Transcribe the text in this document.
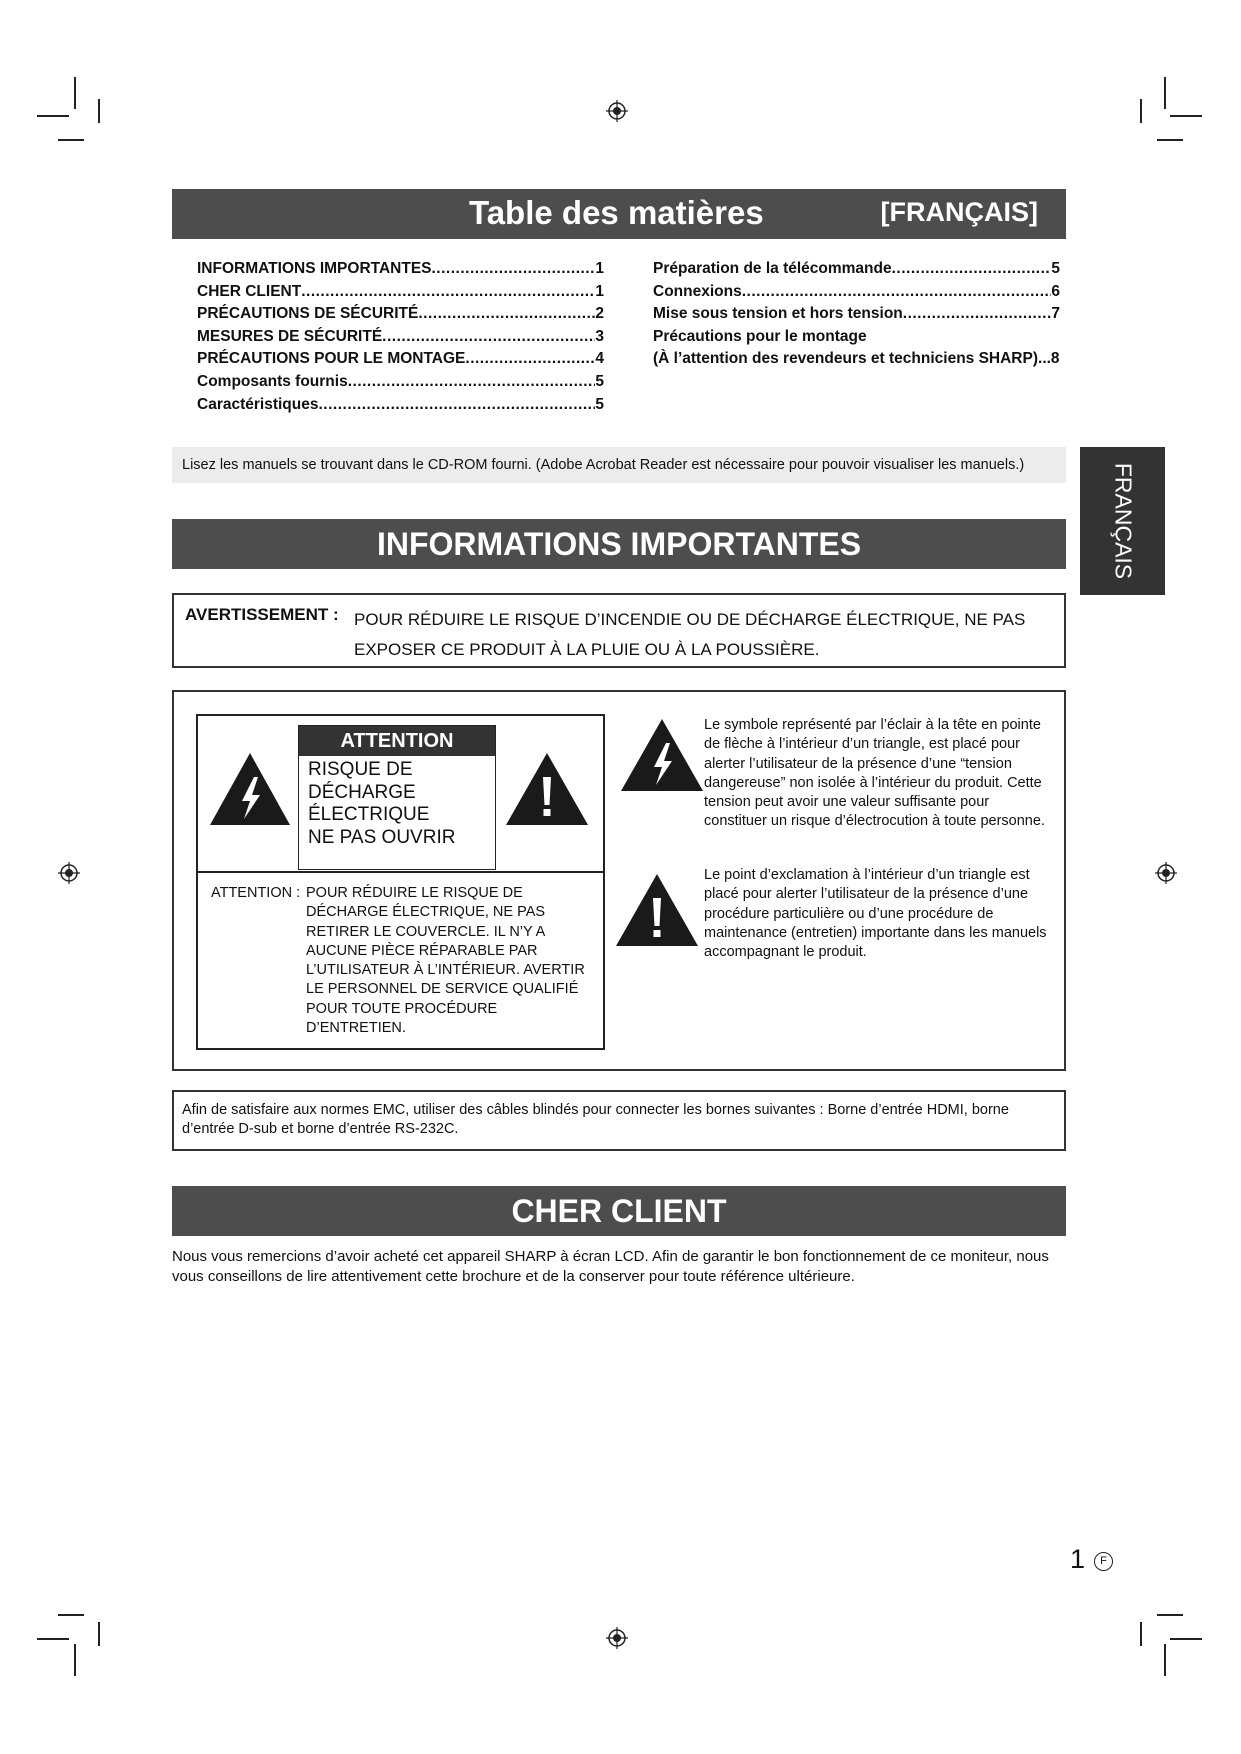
Table des matières	[FRANÇAIS]
INFORMATIONS IMPORTANTES .....	1
CHER CLIENT .....	1
PRÉCAUTIONS DE SÉCURITÉ .....	2
MESURES DE SÉCURITÉ .....	3
PRÉCAUTIONS POUR LE MONTAGE .....	4
Composants fournis .....	5
Caractéristiques .....	5
Préparation de la télécommande .....	5
Connexions .....	6
Mise sous tension et hors tension .....	7
Précautions pour le montage
(À l’attention des revendeurs et techniciens SHARP) ...8
Lisez les manuels se trouvant dans le CD-ROM fourni. (Adobe Acrobat Reader est nécessaire pour pouvoir visualiser les manuels.)	FRANÇAIS
INFORMATIONS IMPORTANTES
AVERTISSEMENT : POUR RÉDUIRE LE RISQUE D’INCENDIE OU DE DÉCHARGE ÉLECTRIQUE, NE PAS EXPOSER CE PRODUIT À LA PLUIE OU À LA POUSSIÈRE.
ATTENTION
RISQUE DE
DÉCHARGE
ÉLECTRIQUE
NE PAS OUVRIR
ATTENTION : POUR RÉDUIRE LE RISQUE DE DÉCHARGE ÉLECTRIQUE, NE PAS RETIRER LE COUVERCLE. IL N’Y A AUCUNE PIÈCE RÉPARABLE PAR L’UTILISATEUR À L’INTÉRIEUR. AVERTIR LE PERSONNEL DE SERVICE QUALIFIÉ POUR TOUTE PROCÉDURE D’ENTRETIEN.
Le symbole représenté par l’éclair à la tête en pointe de flèche à l’intérieur d’un triangle, est placé pour alerter l’utilisateur de la présence d’une “tension dangereuse” non isolée à l’intérieur du produit. Cette tension peut avoir une valeur suffisante pour constituer un risque d’électrocution à toute personne.
Le point d’exclamation à l’intérieur d’un triangle est placé pour alerter l’utilisateur de la présence d’une procédure particulière ou d’une procédure de maintenance (entretien) importante dans les manuels accompagnant le produit.
Afin de satisfaire aux normes EMC, utiliser des câbles blindés pour connecter les bornes suivantes : Borne d’entrée HDMI, borne d’entrée D-sub et borne d’entrée RS-232C.
CHER CLIENT
Nous vous remercions d’avoir acheté cet appareil SHARP à écran LCD. Afin de garantir le bon fonctionnement de ce moniteur, nous vous conseillons de lire attentivement cette brochure et de la conserver pour toute référence ultérieure.
1	F
